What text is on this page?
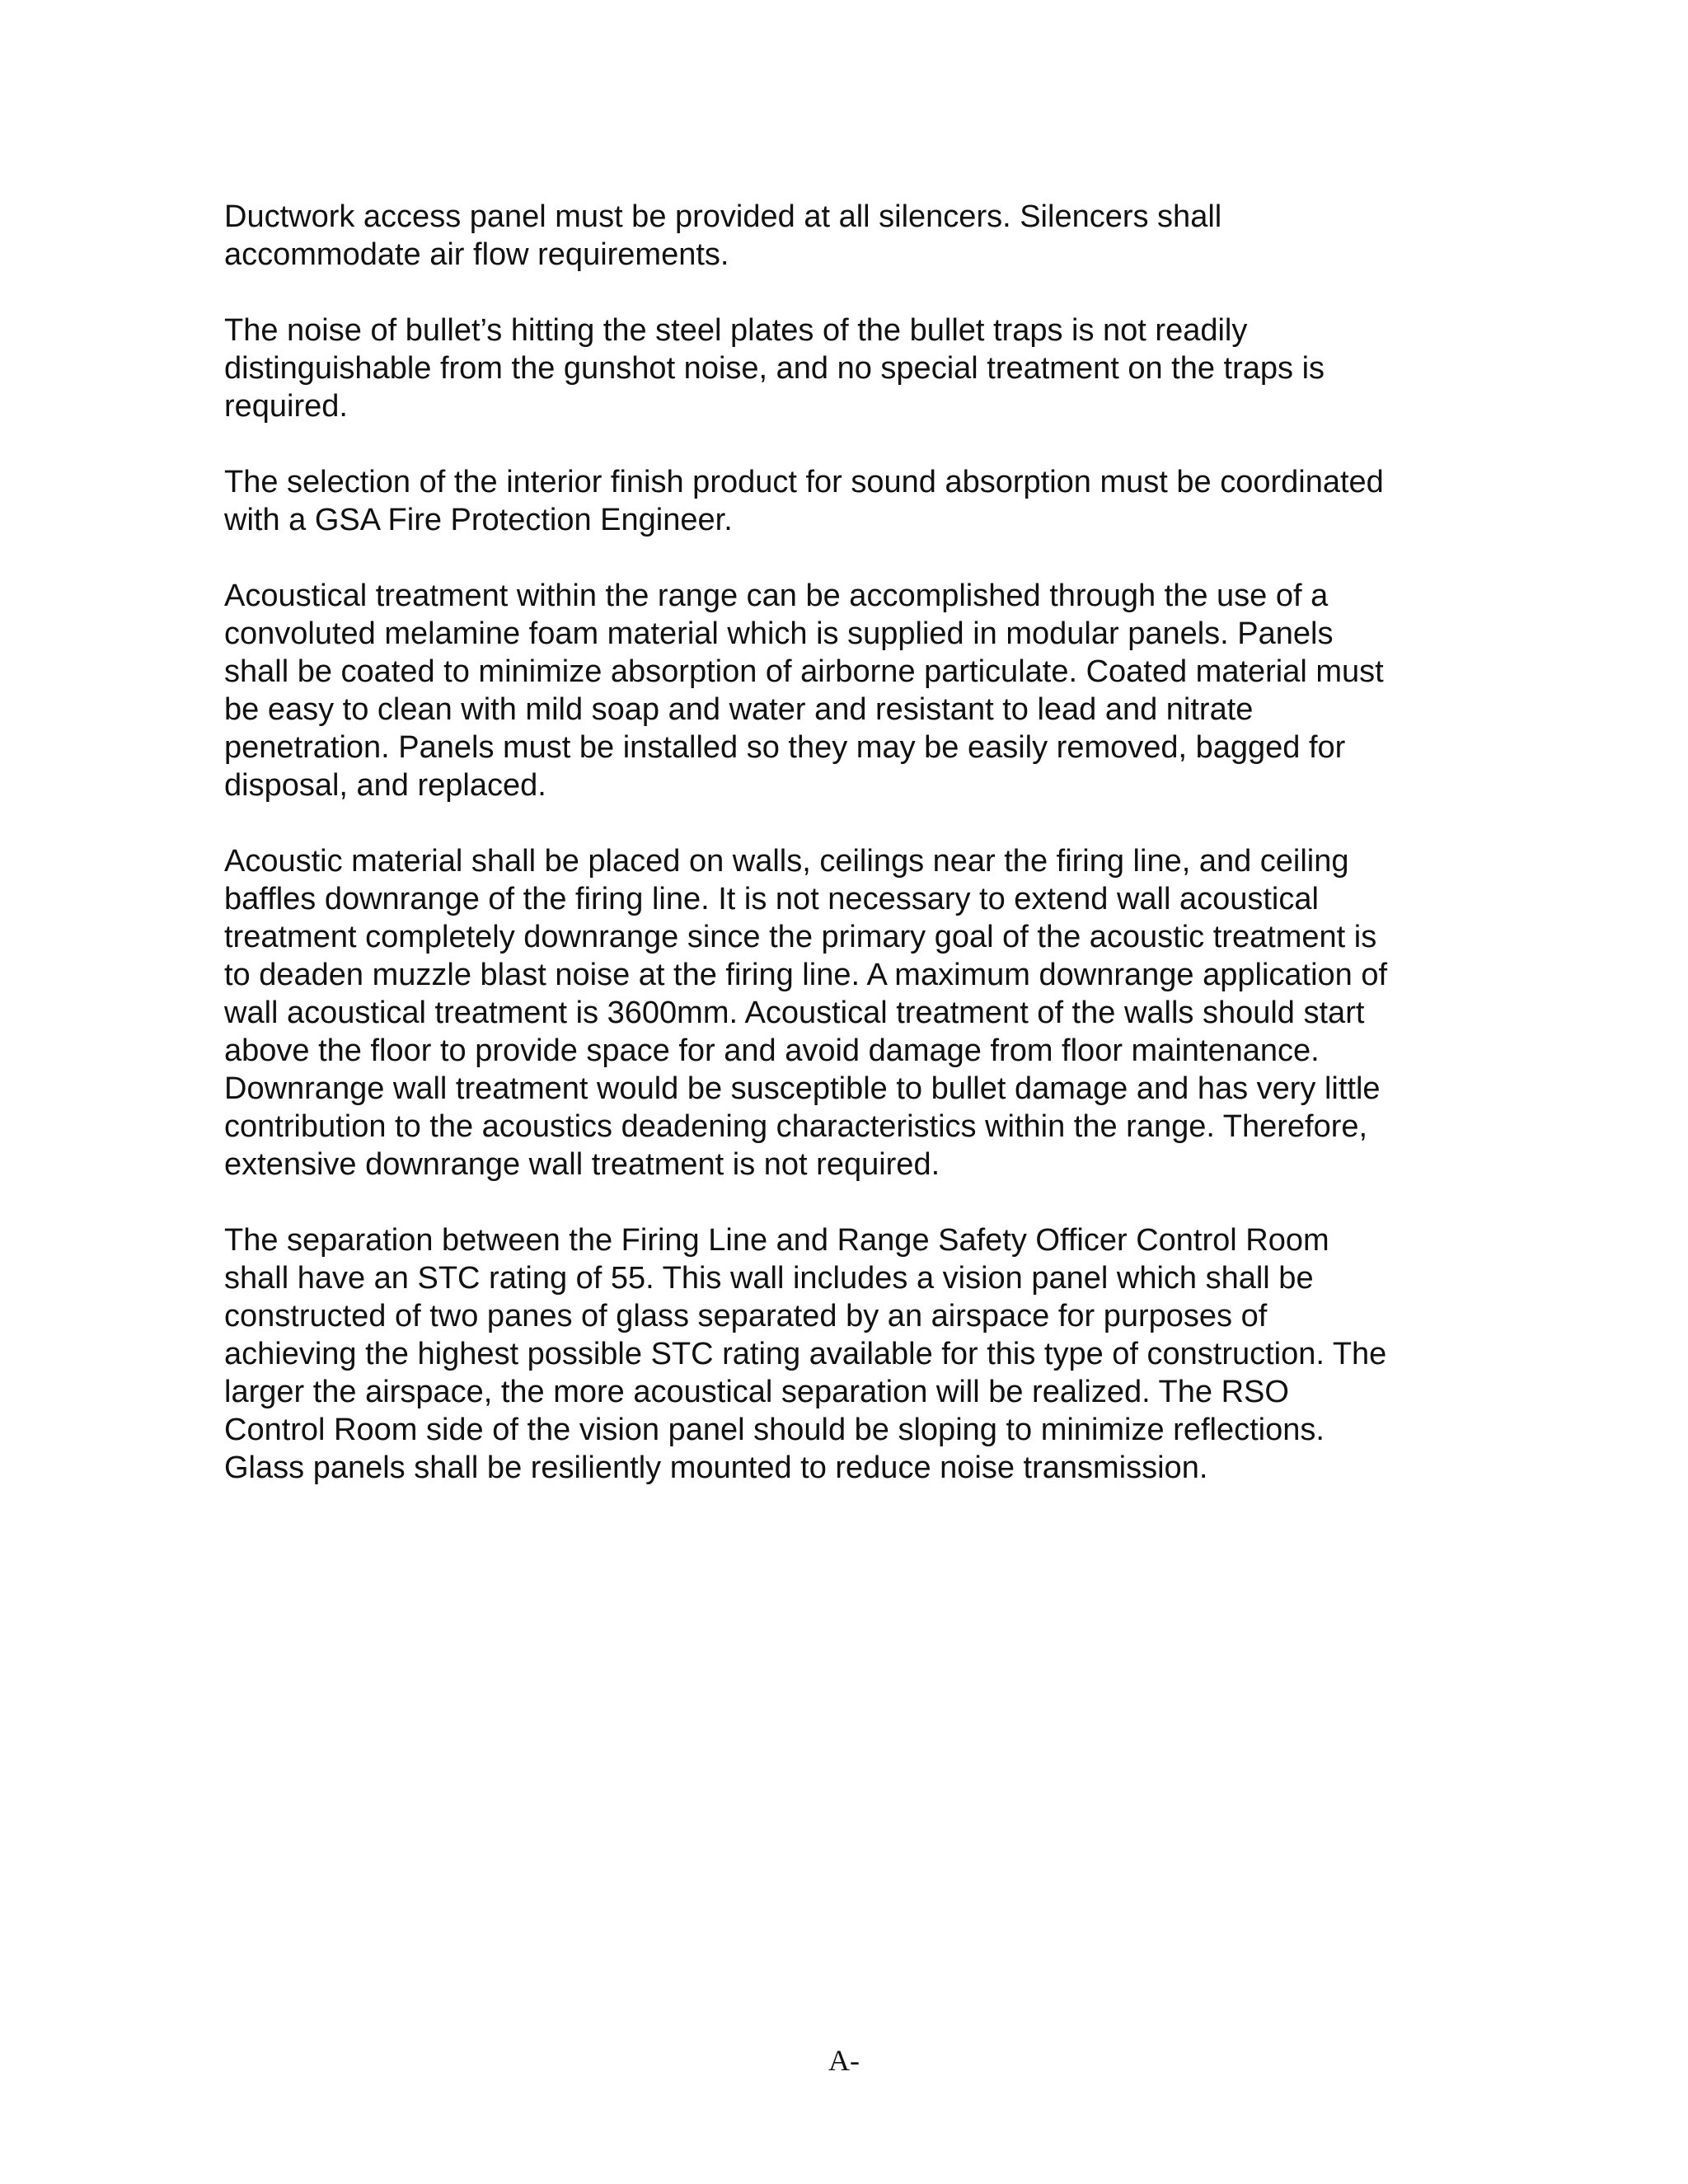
Ductwork access panel must be provided at all silencers. Silencers shall
accommodate air flow requirements.

The noise of bullet’s hitting the steel plates of the bullet traps is not readily
distinguishable from the gunshot noise, and no special treatment on the traps is
required.

The selection of the interior finish product for sound absorption must be coordinated
with a GSA Fire Protection Engineer.

Acoustical treatment within the range can be accomplished through the use of a
convoluted melamine foam material which is supplied in modular panels. Panels
shall be coated to minimize absorption of airborne particulate. Coated material must
be easy to clean with mild soap and water and resistant to lead and nitrate
penetration. Panels must be installed so they may be easily removed, bagged for
disposal, and replaced.

Acoustic material shall be placed on walls, ceilings near the firing line, and ceiling
baffles downrange of the firing line. It is not necessary to extend wall acoustical
treatment completely downrange since the primary goal of the acoustic treatment is
to deaden muzzle blast noise at the firing line. A maximum downrange application of
wall acoustical treatment is 3600mm. Acoustical treatment of the walls should start
above the floor to provide space for and avoid damage from floor maintenance.
Downrange wall treatment would be susceptible to bullet damage and has very little
contribution to the acoustics deadening characteristics within the range. Therefore,
extensive downrange wall treatment is not required.

The separation between the Firing Line and Range Safety Officer Control Room
shall have an STC rating of 55. This wall includes a vision panel which shall be
constructed of two panes of glass separated by an airspace for purposes of
achieving the highest possible STC rating available for this type of construction. The
larger the airspace, the more acoustical separation will be realized. The RSO
Control Room side of the vision panel should be sloping to minimize reflections.
Glass panels shall be resiliently mounted to reduce noise transmission.

A-
